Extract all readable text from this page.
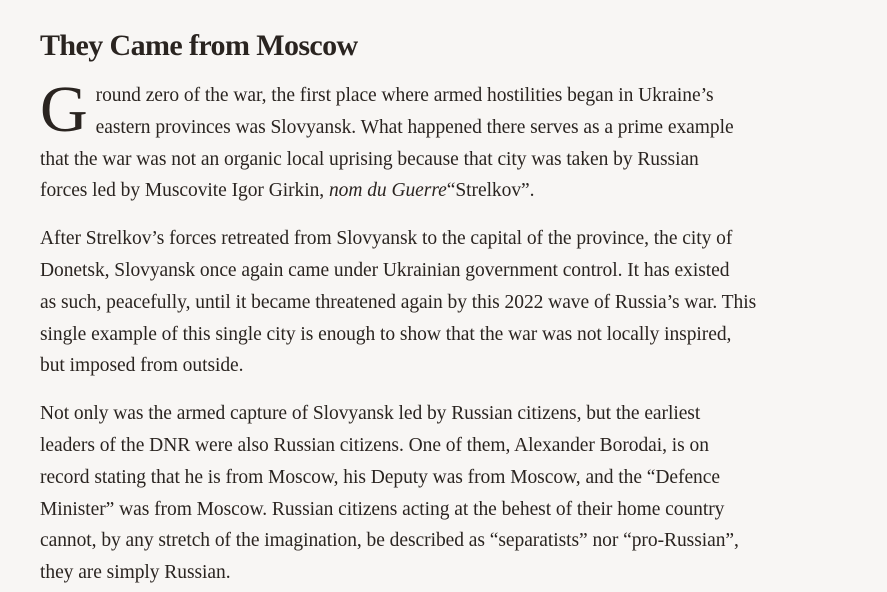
They Came from Moscow

G round zero of the war, the first place where armed hostilities began in Ukraine’s
eastern provinces was Slovyansk. What happened there serves as a prime example
that the war was not an organic local uprising because that city was taken by Russian
forces led by Muscovite Igor Girkin, nom du Guerre“Strelkov”.

After Strelkov’s forces retreated from Slovyansk to the capital of the province, the city of
Donetsk, Slovyansk once again came under Ukrainian government control. It has existed
as such, peacefully, until it became threatened again by this 2022 wave of Russia’s war. This
single example of this single city is enough to show that the war was not locally inspired,
but imposed from outside.

Not only was the armed capture of Slovyansk led by Russian citizens, but the earliest
leaders of the DNR were also Russian citizens. One of them, Alexander Borodai, is on
record stating that he is from Moscow, his Deputy was from Moscow, and the “Defence
Minister” was from Moscow. Russian citizens acting at the behest of their home country
cannot, by any stretch of the imagination, be described as “separatists” nor “pro-Russian”,
they are simply Russian.
